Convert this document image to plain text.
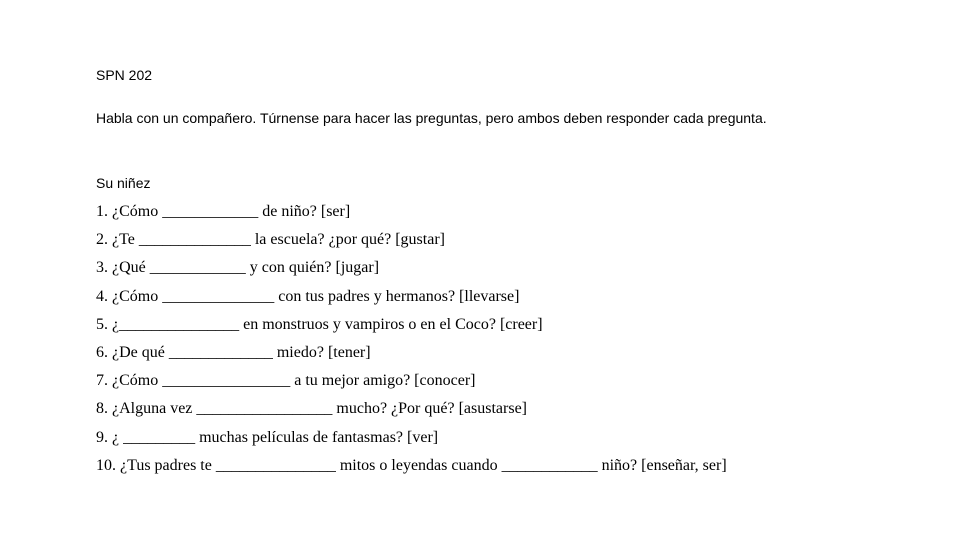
SPN 202
Habla con un compañero. Túrnense para hacer las preguntas, pero ambos deben responder cada pregunta.
Su niñez
1. ¿Cómo ____________ de niño? [ser]
2. ¿Te ______________ la escuela? ¿por qué? [gustar]
3. ¿Qué ____________ y con quién? [jugar]
4. ¿Cómo ______________ con tus padres y hermanos? [llevarse]
5. ¿_______________ en monstruos y vampiros o en el Coco? [creer]
6. ¿De qué _____________ miedo? [tener]
7. ¿Cómo ________________ a tu mejor amigo? [conocer]
8. ¿Alguna vez _________________ mucho? ¿Por qué? [asustarse]
9. ¿ _________ muchas películas de fantasmas? [ver]
10. ¿Tus padres te _______________ mitos o leyendas cuando ____________ niño? [enseñar, ser]
